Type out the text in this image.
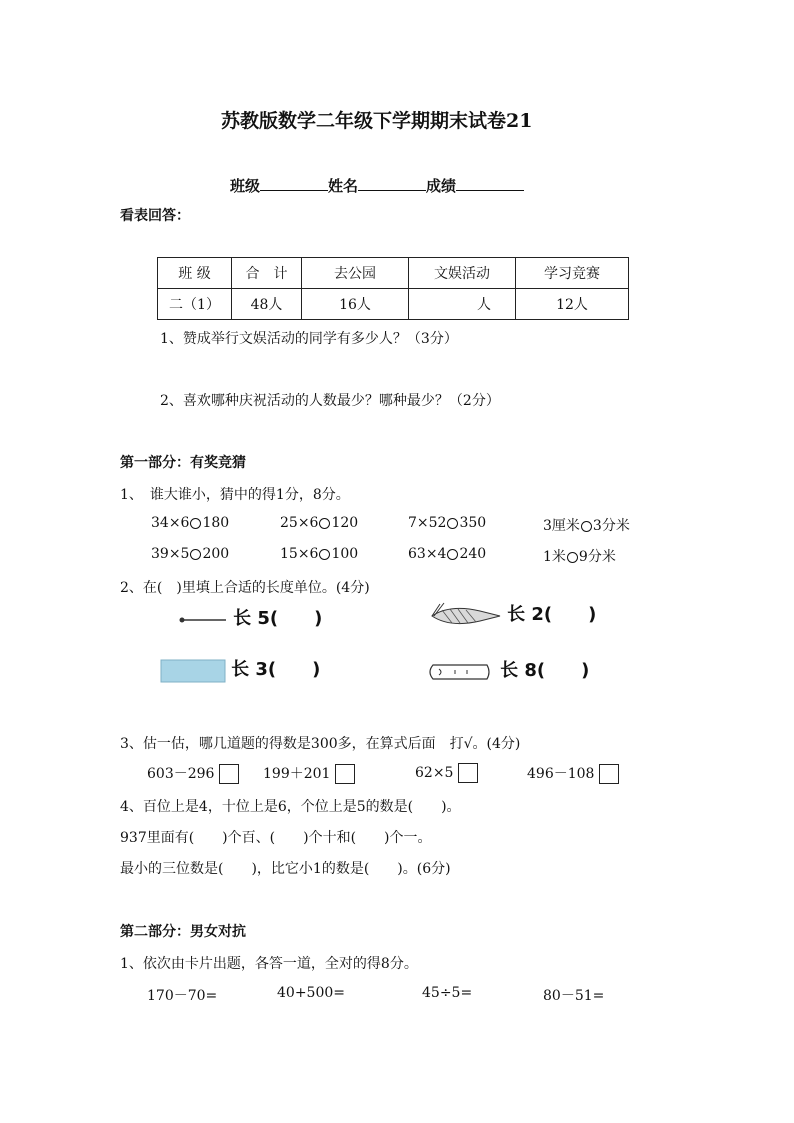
苏教版数学二年级下学期期末试卷21
班级	姓名	成绩
看表回答：
班 级	合　计	去公园	文娱活动	学习竞赛
二（1）	48人	16人	人	12人
1、赞成举行文娱活动的同学有多少人？（3分）
2、喜欢哪种庆祝活动的人数最少？哪种最少？（2分）
第一部分：有奖竞猜
1、　谁大谁小，猜中的得1分，8分。
34×6 180	25×6 120	7×52 350	3厘米 3分米
39×5 200	15×6 100	63×4 240	1米 9分米
2、在(　)里填上合适的长度单位。(4分)
长 5(　　)	长 2(　　)
长 3(　　)	长 8(　　)
3、估一估，哪几道题的得数是300多，在算式后面　打√。(4分)
603－296	199＋201	62×5	496－108
4、百位上是4，十位上是6，个位上是5的数是(　　)。
937里面有(　　)个百、(　　)个十和(　　)个一。
最小的三位数是(　　)，比它小1的数是(　　)。(6分)
第二部分：男女对抗
1、依次由卡片出题，各答一道，全对的得8分。
170－70=	40+500=	45÷5=	80－51=
